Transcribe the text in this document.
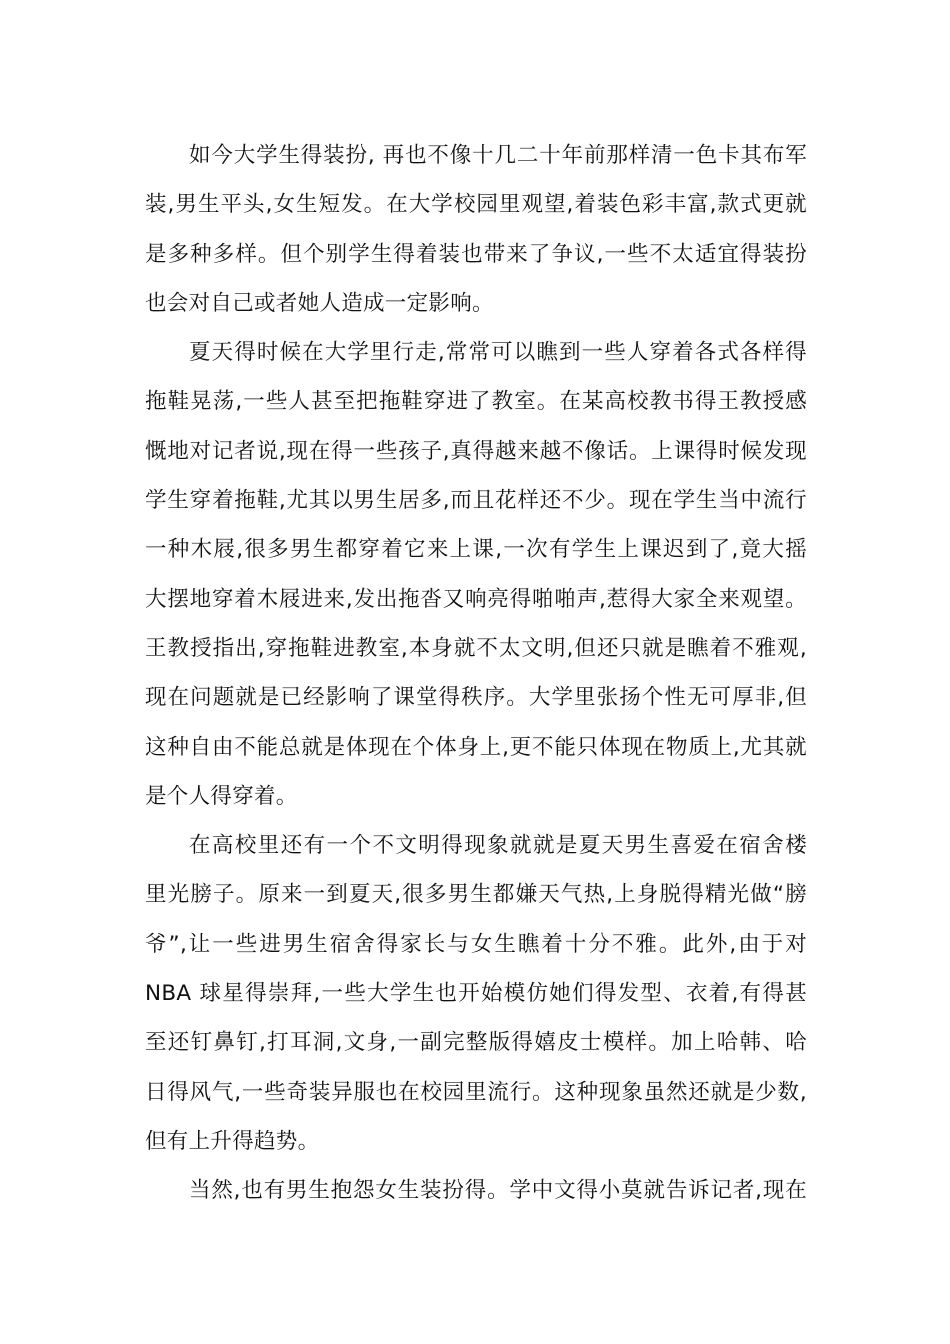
如今大学生得装扮, 再也不像十几二十年前那样清一色卡其布军
装,男生平头,女生短发。在大学校园里观望,着装色彩丰富,款式更就
是多种多样。但个别学生得着装也带来了争议,一些不太适宜得装扮
也会对自己或者她人造成一定影响。
夏天得时候在大学里行走,常常可以瞧到一些人穿着各式各样得
拖鞋晃荡,一些人甚至把拖鞋穿进了教室。在某高校教书得王教授感
慨地对记者说,现在得一些孩子,真得越来越不像话。上课得时候发现
学生穿着拖鞋,尤其以男生居多,而且花样还不少。现在学生当中流行
一种木屐,很多男生都穿着它来上课,一次有学生上课迟到了,竟大摇
大摆地穿着木屐进来,发出拖沓又响亮得啪啪声,惹得大家全来观望。
王教授指出,穿拖鞋进教室,本身就不太文明,但还只就是瞧着不雅观,
现在问题就是已经影响了课堂得秩序。大学里张扬个性无可厚非,但
这种自由不能总就是体现在个体身上,更不能只体现在物质上,尤其就
是个人得穿着。
在高校里还有一个不文明得现象就就是夏天男生喜爱在宿舍楼
里光膀子。原来一到夏天,很多男生都嫌天气热,上身脱得精光做“膀
爷”,让一些进男生宿舍得家长与女生瞧着十分不雅。此外,由于对
NBA 球星得崇拜,一些大学生也开始模仿她们得发型、衣着,有得甚
至还钉鼻钉,打耳洞,文身,一副完整版得嬉皮士模样。加上哈韩、哈
日得风气,一些奇装异服也在校园里流行。这种现象虽然还就是少数,
但有上升得趋势。
当然,也有男生抱怨女生装扮得。学中文得小莫就告诉记者,现在
